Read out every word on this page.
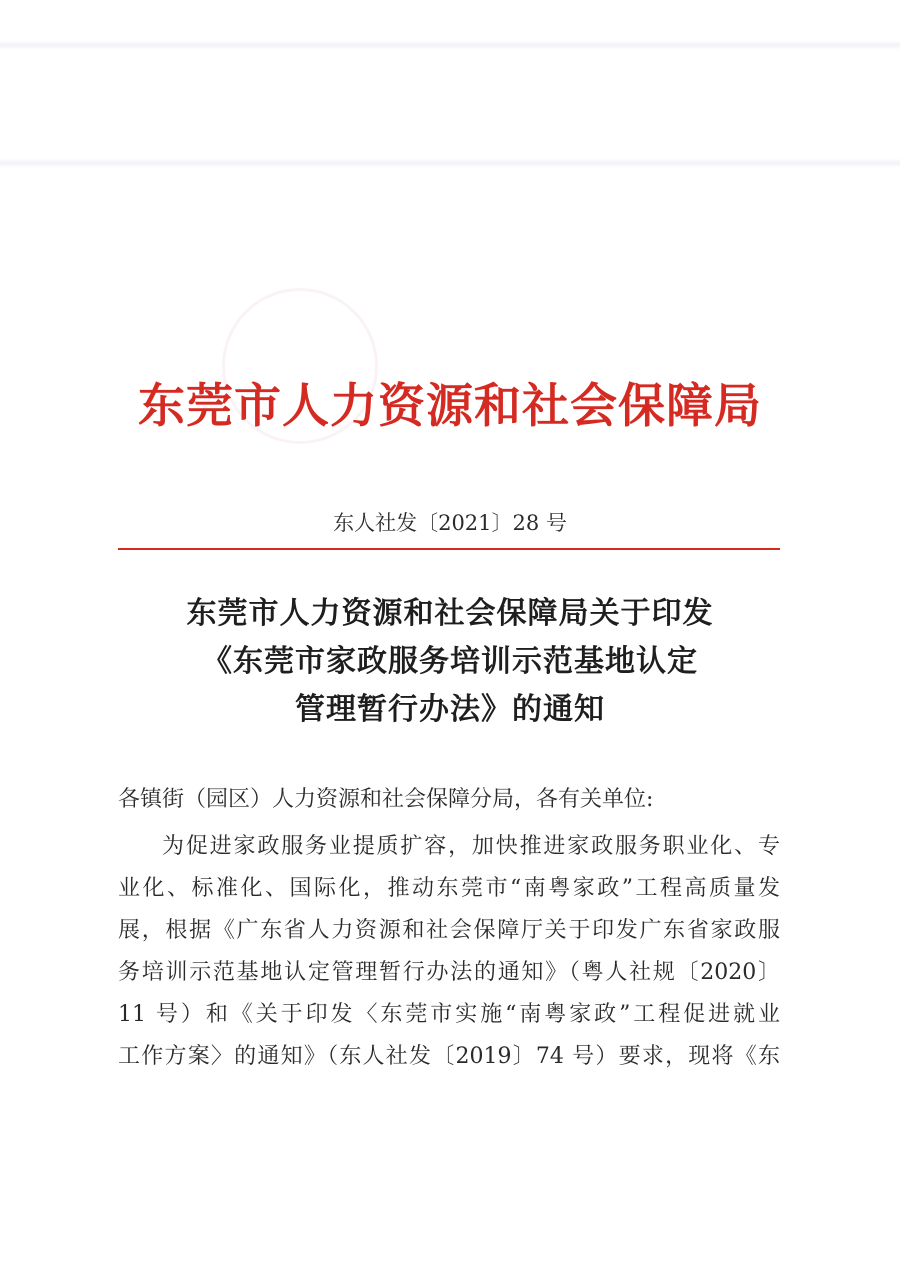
东莞市人力资源和社会保障局
东人社发〔2021〕28 号
东莞市人力资源和社会保障局关于印发
《东莞市家政服务培训示范基地认定
管理暂行办法》的通知
各镇街（园区）人力资源和社会保障分局，各有关单位:
为促进家政服务业提质扩容，加快推进家政服务职业化、专
业化、标准化、国际化，推动东莞市“南粤家政”工程高质量发
展，根据《广东省人力资源和社会保障厅关于印发广东省家政服
务培训示范基地认定管理暂行办法的通知》（粤人社规〔2020〕
11 号）和《关于印发〈东莞市实施“南粤家政”工程促进就业
工作方案〉的通知》（东人社发〔2019〕74 号）要求，现将《东
